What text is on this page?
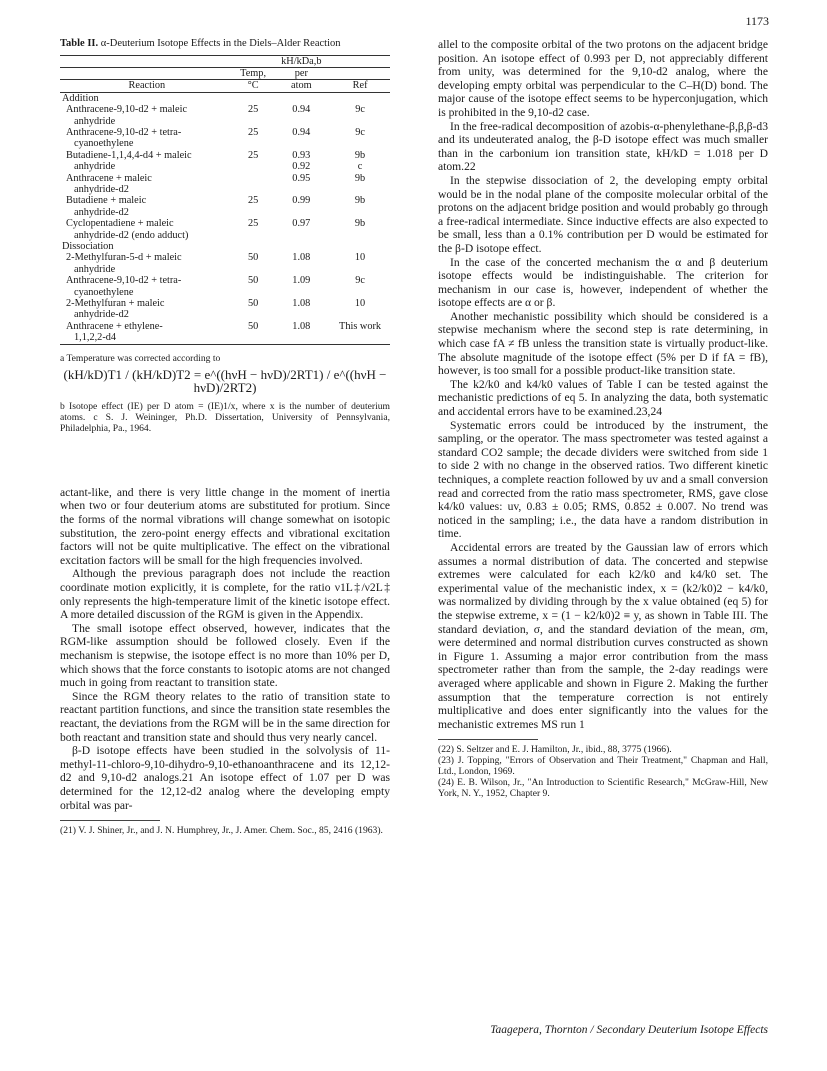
1173
Table II. α-Deuterium Isotope Effects in the Diels–Alder Reaction
		kH/kDa,b	
	Temp,	per	
Reaction	°C	atom	Ref
Addition			
Anthracene-9,10-d2 + maleic	25	0.94	9c
anhydride			
Anthracene-9,10-d2 + tetra-	25	0.94	9c
cyanoethylene			
Butadiene-1,1,4,4-d4 + maleic	25	0.93	9b
anhydride		0.92	c
Anthracene + maleic		0.95	9b
anhydride-d2			
Butadiene + maleic	25	0.99	9b
anhydride-d2			
Cyclopentadiene + maleic	25	0.97	9b
anhydride-d2 (endo adduct)			
Dissociation			
2-Methylfuran-5-d + maleic	50	1.08	10
anhydride			
Anthracene-9,10-d2 + tetra-	50	1.09	9c
cyanoethylene			
2-Methylfuran + maleic	50	1.08	10
anhydride-d2			
Anthracene + ethylene-	50	1.08	This work
1,1,2,2-d4			

a Temperature was corrected according to

(kH/kD)T1 / (kH/kD)T2 = e^((hνH − hνD)/2RT1) / e^((hνH − hνD)/2RT2)

b Isotope effect (IE) per D atom = (IE)1/x, where x is the number of deuterium atoms. c S. J. Weininger, Ph.D. Dissertation, University of Pennsylvania, Philadelphia, Pa., 1964.

actant-like, and there is very little change in the moment of inertia when two or four deuterium atoms are substituted for protium. Since the forms of the normal vibrations will change somewhat on isotopic substitution, the zero-point energy effects and vibrational excitation factors will not be quite multiplicative. The effect on the vibrational excitation factors will be small for the high frequencies involved.

Although the previous paragraph does not include the reaction coordinate motion explicitly, it is complete, for the ratio ν1L‡/ν2L‡ only represents the high-temperature limit of the kinetic isotope effect. A more detailed discussion of the RGM is given in the Appendix.

The small isotope effect observed, however, indicates that the RGM-like assumption should be followed closely. Even if the mechanism is stepwise, the isotope effect is no more than 10% per D, which shows that the force constants to isotopic atoms are not changed much in going from reactant to transition state.

Since the RGM theory relates to the ratio of transition state to reactant partition functions, and since the transition state resembles the reactant, the deviations from the RGM will be in the same direction for both reactant and transition state and should thus very nearly cancel.

β-D isotope effects have been studied in the solvolysis of 11-methyl-11-chloro-9,10-dihydro-9,10-ethanoanthracene and its 12,12-d2 and 9,10-d2 analogs.21 An isotope effect of 1.07 per D was determined for the 12,12-d2 analog where the developing empty orbital was par-

(21) V. J. Shiner, Jr., and J. N. Humphrey, Jr., J. Amer. Chem. Soc., 85, 2416 (1963).

allel to the composite orbital of the two protons on the adjacent bridge position. An isotope effect of 0.993 per D, not appreciably different from unity, was determined for the 9,10-d2 analog, where the developing empty orbital was perpendicular to the C–H(D) bond. The major cause of the isotope effect seems to be hyperconjugation, which is prohibited in the 9,10-d2 case.

In the free-radical decomposition of azobis-α-phenylethane-β,β,β-d3 and its undeuterated analog, the β-D isotope effect was much smaller than in the carbonium ion transition state, kH/kD = 1.018 per D atom.22

In the stepwise dissociation of 2, the developing empty orbital would be in the nodal plane of the composite molecular orbital of the protons on the adjacent bridge position and would probably go through a free-radical intermediate. Since inductive effects are also expected to be small, less than a 0.1% contribution per D would be estimated for the β-D isotope effect.

In the case of the concerted mechanism the α and β deuterium isotope effects would be indistinguishable. The criterion for mechanism in our case is, however, independent of whether the isotope effects are α or β.

Another mechanistic possibility which should be considered is a stepwise mechanism where the second step is rate determining, in which case fA ≠ fB unless the transition state is virtually product-like. The absolute magnitude of the isotope effect (5% per D if fA = fB), however, is too small for a possible product-like transition state.

The k2/k0 and k4/k0 values of Table I can be tested against the mechanistic predictions of eq 5. In analyzing the data, both systematic and accidental errors have to be examined.23,24

Systematic errors could be introduced by the instrument, the sampling, or the operator. The mass spectrometer was tested against a standard CO2 sample; the decade dividers were switched from side 1 to side 2 with no change in the observed ratios. Two different kinetic techniques, a complete reaction followed by uv and a small conversion read and corrected from the ratio mass spectrometer, RMS, gave close k4/k0 values: uv, 0.83 ± 0.05; RMS, 0.852 ± 0.007. No trend was noticed in the sampling; i.e., the data have a random distribution in time.

Accidental errors are treated by the Gaussian law of errors which assumes a normal distribution of data. The concerted and stepwise extremes were calculated for each k2/k0 and k4/k0 set. The experimental value of the mechanistic index, x = (k2/k0)2 − k4/k0, was normalized by dividing through by the x value obtained (eq 5) for the stepwise extreme, x = (1 − k2/k0)2 ≡ y, as shown in Table III. The standard deviation, σ, and the standard deviation of the mean, σm, were determined and normal distribution curves constructed as shown in Figure 1. Assuming a major error contribution from the mass spectrometer rather than from the sample, the 2-day readings were averaged where applicable and shown in Figure 2. Making the further assumption that the temperature correction is not entirely multiplicative and does enter significantly into the values for the mechanistic extremes MS run 1

(22) S. Seltzer and E. J. Hamilton, Jr., ibid., 88, 3775 (1966).

(23) J. Topping, "Errors of Observation and Their Treatment," Chapman and Hall, Ltd., London, 1969.

(24) E. B. Wilson, Jr., "An Introduction to Scientific Research," McGraw-Hill, New York, N. Y., 1952, Chapter 9.

Taagepera, Thornton / Secondary Deuterium Isotope Effects
